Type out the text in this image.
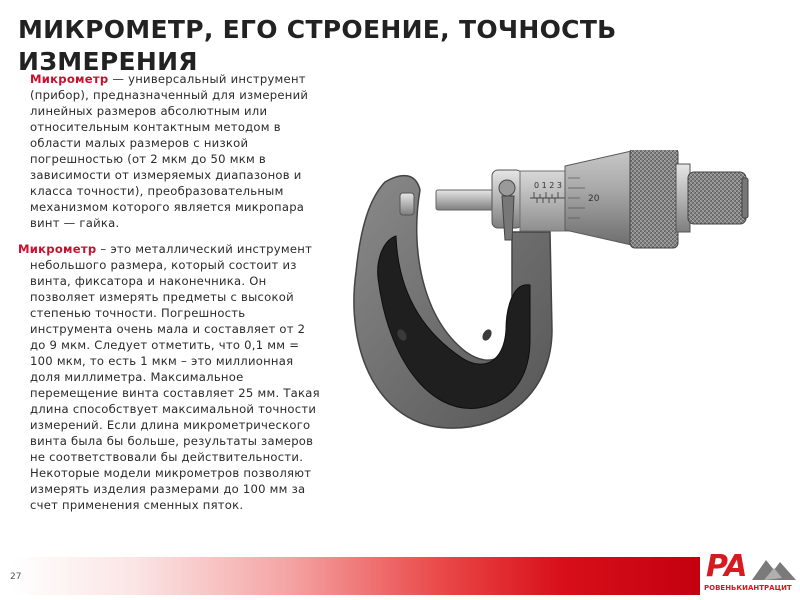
МИКРОМЕТР, ЕГО СТРОЕНИЕ, ТОЧНОСТЬ ИЗМЕРЕНИЯ

Микрометр — универсальный инструмент
(прибор), предназначенный для измерений
линейных размеров абсолютным или
относительным контактным методом в
области малых размеров с низкой
погрешностью (от 2 мкм до 50 мкм в
зависимости от измеряемых диапазонов и
класса точности), преобразовательным
механизмом которого является микропара
винт — гайка.

Микрометр – это металлический инструмент
небольшого размера, который состоит из
винта, фиксатора и наконечника. Он
позволяет измерять предметы с высокой
степенью точности. Погрешность
инструмента очень мала и составляет от 2
до 9 мкм. Следует отметить, что 0,1 мм =
100 мкм, то есть 1 мкм – это миллионная
доля миллиметра. Максимальное
перемещение винта составляет 25 мм. Такая
длина способствует максимальной точности
измерений. Если длина микрометрического
винта была бы больше, результаты замеров
не соответствовали бы действительности.
Некоторые модели микрометров позволяют
измерять изделия размерами до 100 мм за
счет применения сменных пяток.

0 1 2 3
20
27	PA
РОВЕНЬКИАНТРАЦИТ
